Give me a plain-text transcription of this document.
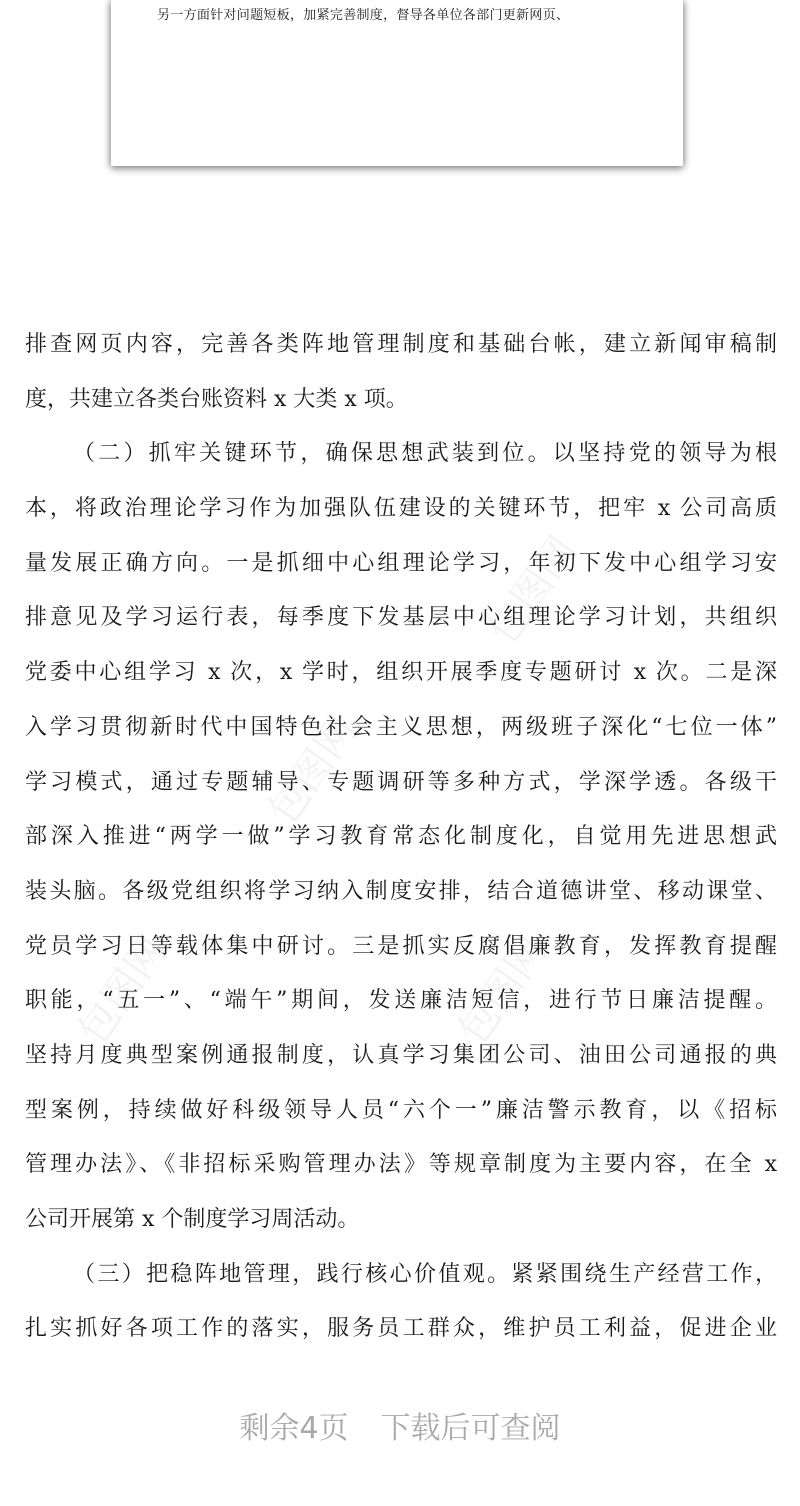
另一方面针对问题短板，加紧完善制度，督导各单位各部门更新网页、
包图网
包图网
包图网
包图网
排查网页内容，完善各类阵地管理制度和基础台帐，建立新闻审稿制
度，共建立各类台账资料 x 大类 x 项。
（二）抓牢关键环节，确保思想武装到位。以坚持党的领导为根
本，将政治理论学习作为加强队伍建设的关键环节，把牢 x 公司高质
量发展正确方向。一是抓细中心组理论学习，年初下发中心组学习安
排意见及学习运行表，每季度下发基层中心组理论学习计划，共组织
党委中心组学习 x 次，x 学时，组织开展季度专题研讨 x 次。二是深
入学习贯彻新时代中国特色社会主义思想，两级班子深化“七位一体”
学习模式，通过专题辅导、专题调研等多种方式，学深学透。各级干
部深入推进“两学一做”学习教育常态化制度化，自觉用先进思想武
装头脑。各级党组织将学习纳入制度安排，结合道德讲堂、移动课堂、
党员学习日等载体集中研讨。三是抓实反腐倡廉教育，发挥教育提醒
职能，“五一”、“端午”期间，发送廉洁短信，进行节日廉洁提醒。
坚持月度典型案例通报制度，认真学习集团公司、油田公司通报的典
型案例，持续做好科级领导人员“六个一”廉洁警示教育，以《招标
管理办法》、《非招标采购管理办法》等规章制度为主要内容，在全 x
公司开展第 x 个制度学习周活动。
（三）把稳阵地管理，践行核心价值观。紧紧围绕生产经营工作，
扎实抓好各项工作的落实，服务员工群众，维护员工利益，促进企业
剩余4页 下载后可查阅
